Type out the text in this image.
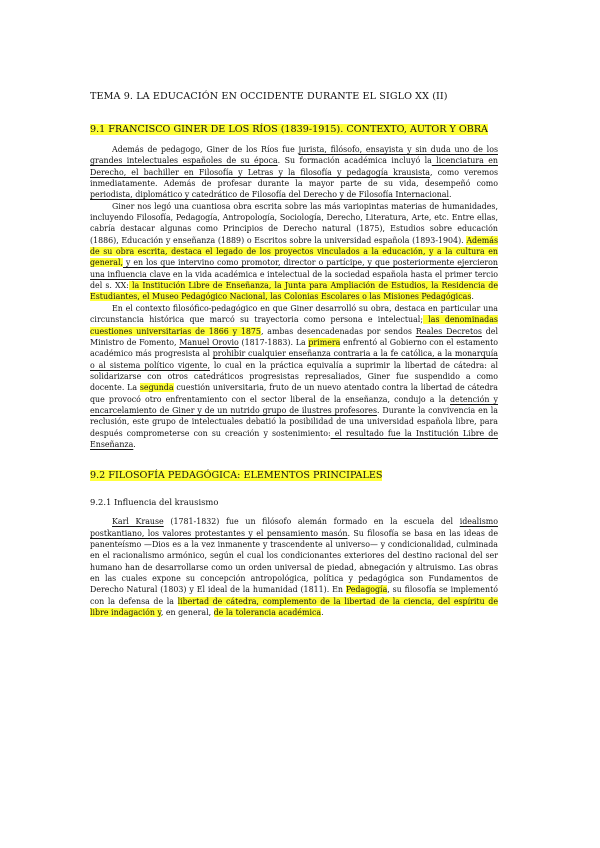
TEMA 9. LA EDUCACIÓN EN OCCIDENTE DURANTE EL SIGLO XX (II)

9.1 FRANCISCO GINER DE LOS RÍOS (1839-1915). CONTEXTO, AUTOR Y OBRA

Además de pedagogo, Giner de los Ríos fue jurista, filósofo, ensayista y sin duda uno de los grandes intelectuales españoles de su época. Su formación académica incluyó la licenciatura en Derecho, el bachiller en Filosofía y Letras y la filosofía y pedagogía krausista, como veremos inmediatamente. Además de profesar durante la mayor parte de su vida, desempeñó como periodista, diplomático y catedrático de Filosofía del Derecho y de Filosofía Internacional.

Giner nos legó una cuantiosa obra escrita sobre las más variopintas materias de humanidades, incluyendo Filosofía, Pedagogía, Antropología, Sociología, Derecho, Literatura, Arte, etc. Entre ellas, cabría destacar algunas como Principios de Derecho natural (1875), Estudios sobre educación (1886), Educación y enseñanza (1889) o Escritos sobre la universidad española (1893-1904). Además de su obra escrita, destaca el legado de los proyectos vinculados a la educación, y a la cultura en general, y en los que intervino como promotor, director o partícipe, y que posteriormente ejercieron una influencia clave en la vida académica e intelectual de la sociedad española hasta el primer tercio del s. XX: la Institución Libre de Enseñanza, la Junta para Ampliación de Estudios, la Residencia de Estudiantes, el Museo Pedagógico Nacional, las Colonias Escolares o las Misiones Pedagógicas.

En el contexto filosófico-pedagógico en que Giner desarrolló su obra, destaca en particular una circunstancia histórica que marcó su trayectoria como persona e intelectual; las denominadas cuestiones universitarias de 1866 y 1875, ambas desencadenadas por sendos Reales Decretos del Ministro de Fomento, Manuel Orovio (1817-1883). La primera enfrentó al Gobierno con el estamento académico más progresista al prohibir cualquier enseñanza contraria a la fe católica, a la monarquía o al sistema político vigente, lo cual en la práctica equivalía a suprimir la libertad de cátedra: al solidarizarse con otros catedráticos progresistas represaliados, Giner fue suspendido a como docente. La segunda cuestión universitaria, fruto de un nuevo atentado contra la libertad de cátedra que provocó otro enfrentamiento con el sector liberal de la enseñanza, condujo a la detención y encarcelamiento de Giner y de un nutrido grupo de ilustres profesores. Durante la convivencia en la reclusión, este grupo de intelectuales debatió la posibilidad de una universidad española libre, para después comprometerse con su creación y sostenimiento: el resultado fue la Institución Libre de Enseñanza.

9.2 FILOSOFÍA PEDAGÓGICA: ELEMENTOS PRINCIPALES

9.2.1 Influencia del krausismo

Karl Krause (1781-1832) fue un filósofo alemán formado en la escuela del idealismo postkantiano, los valores protestantes y el pensamiento masón. Su filosofía se basa en las ideas de panenteísmo —Dios es a la vez inmanente y trascendente al universo— y condicionalidad, culminada en el racionalismo armónico, según el cual los condicionantes exteriores del destino racional del ser humano han de desarrollarse como un orden universal de piedad, abnegación y altruismo. Las obras en las cuales expone su concepción antropológica, política y pedagógica son Fundamentos de Derecho Natural (1803) y El ideal de la humanidad (1811). En Pedagogía, su filosofía se implementó con la defensa de la libertad de cátedra, complemento de la libertad de la ciencia, del espíritu de libre indagación y, en general, de la tolerancia académica.
